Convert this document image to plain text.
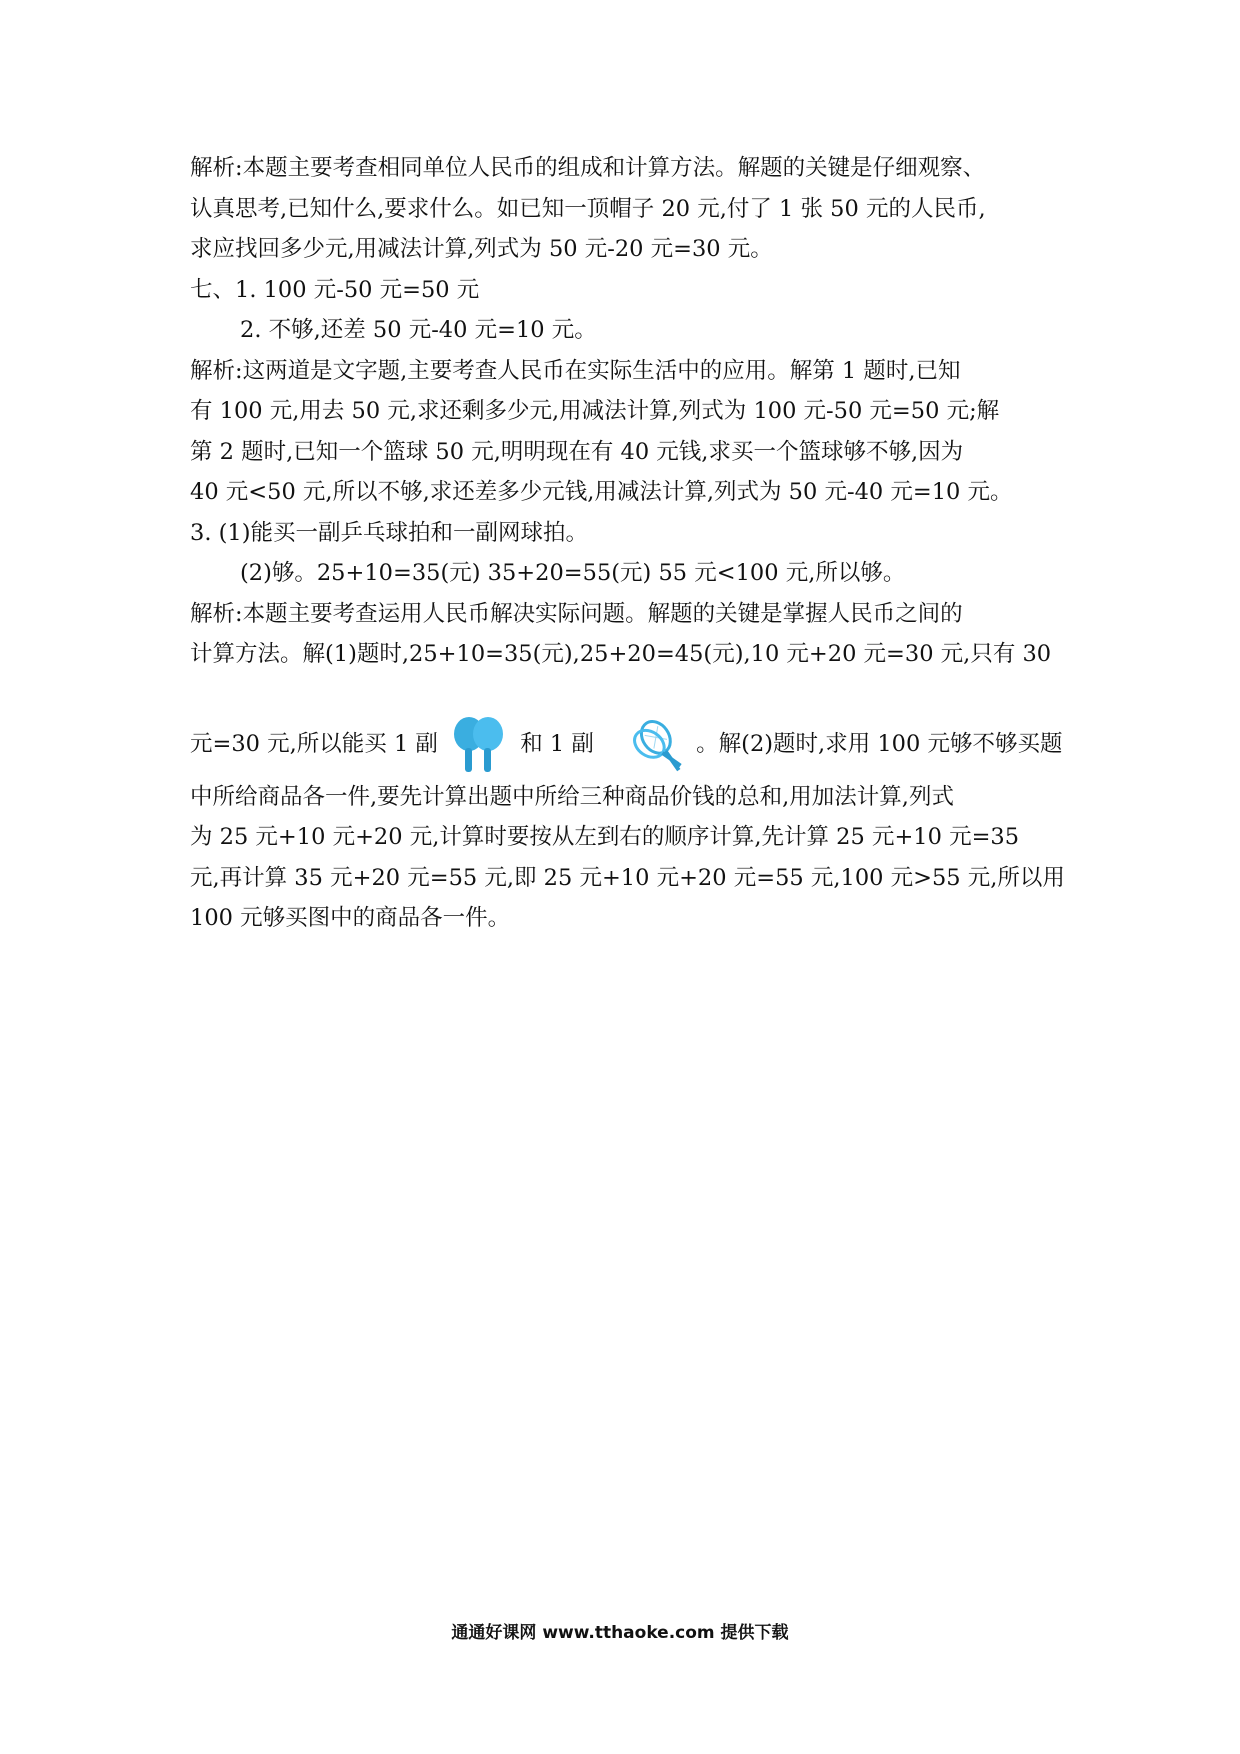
解析:本题主要考查相同单位人民币的组成和计算方法。解题的关键是仔细观察、
认真思考,已知什么,要求什么。如已知一顶帽子 20 元,付了 1 张 50 元的人民币,
求应找回多少元,用减法计算,列式为 50 元-20 元=30 元。
七、1. 100 元-50 元=50 元
2. 不够,还差 50 元-40 元=10 元。
解析:这两道是文字题,主要考查人民币在实际生活中的应用。解第 1 题时,已知
有 100 元,用去 50 元,求还剩多少元,用减法计算,列式为 100 元-50 元=50 元;解
第 2 题时,已知一个篮球 50 元,明明现在有 40 元钱,求买一个篮球够不够,因为
40 元<50 元,所以不够,求还差多少元钱,用减法计算,列式为 50 元-40 元=10 元。
3. (1)能买一副乒乓球拍和一副网球拍。
(2)够。25+10=35(元) 35+20=55(元) 55 元<100 元,所以够。
解析:本题主要考查运用人民币解决实际问题。解题的关键是掌握人民币之间的
计算方法。解(1)题时,25+10=35(元),25+20=45(元),10 元+20 元=30 元,只有 30
元=30 元,所以能买 1 副	和 1 副	。解(2)题时,求用 100 元够不够买题
中所给商品各一件,要先计算出题中所给三种商品价钱的总和,用加法计算,列式
为 25 元+10 元+20 元,计算时要按从左到右的顺序计算,先计算 25 元+10 元=35
元,再计算 35 元+20 元=55 元,即 25 元+10 元+20 元=55 元,100 元>55 元,所以用
100 元够买图中的商品各一件。
通通好课网 www.tthaoke.com 提供下载
